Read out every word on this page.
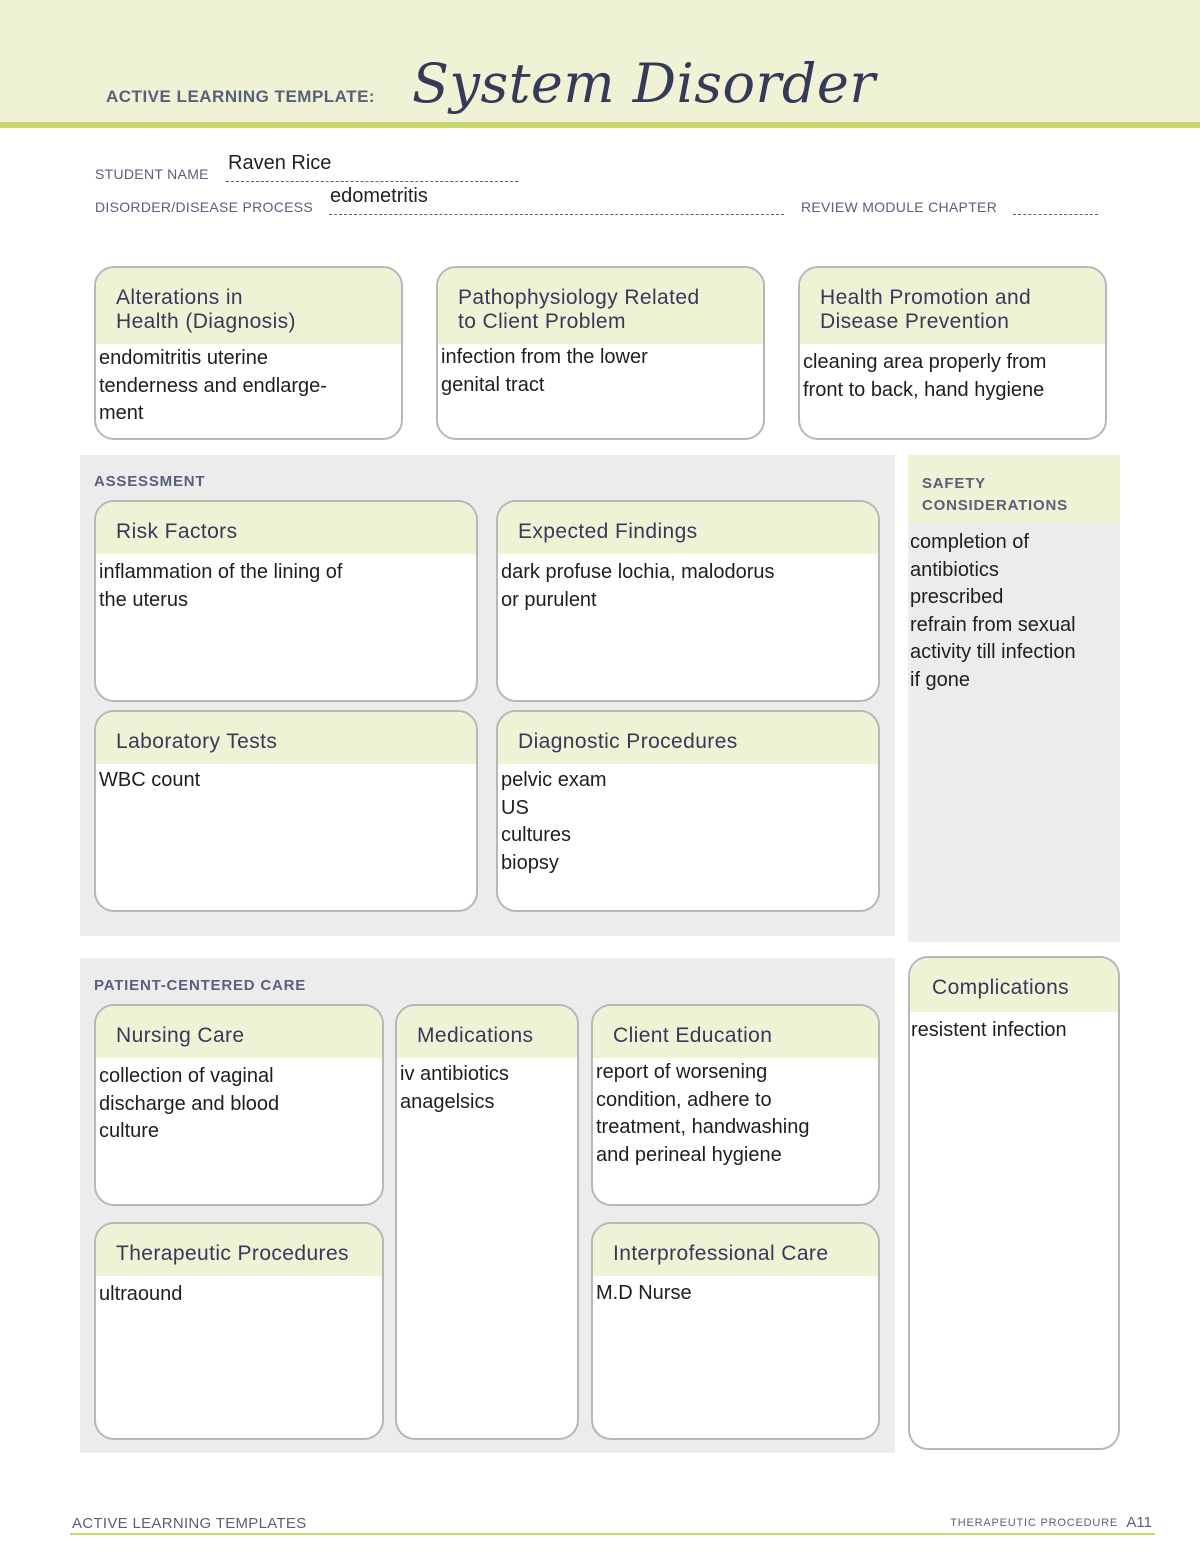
ACTIVE LEARNING TEMPLATE: System Disorder
STUDENT NAME Raven Rice
DISORDER/DISEASE PROCESS edometritis	REVIEW MODULE CHAPTER
Alterations in
Health (Diagnosis)
endomitritis uterine
tenderness and endlarge-
ment
Pathophysiology Related
to Client Problem
infection from the lower
genital tract
Health Promotion and
Disease Prevention
cleaning area properly from
front to back, hand hygiene
ASSESSMENT
Risk Factors
inflammation of the lining of
the uterus
Expected Findings
dark profuse lochia, malodorus
or purulent
Laboratory Tests
WBC count
Diagnostic Procedures
pelvic exam
US
cultures
biopsy
SAFETY
CONSIDERATIONS
completion of
antibiotics
prescribed
refrain from sexual
activity till infection
if gone
PATIENT-CENTERED CARE
Nursing Care
collection of vaginal
discharge and blood
culture
Medications
iv antibiotics
anagelsics
Client Education
report of worsening
condition, adhere to
treatment, handwashing
and perineal hygiene
Therapeutic Procedures
ultraound
Interprofessional Care
M.D Nurse
Complications
resistent infection
ACTIVE LEARNING TEMPLATES	THERAPEUTIC PROCEDURE A11
